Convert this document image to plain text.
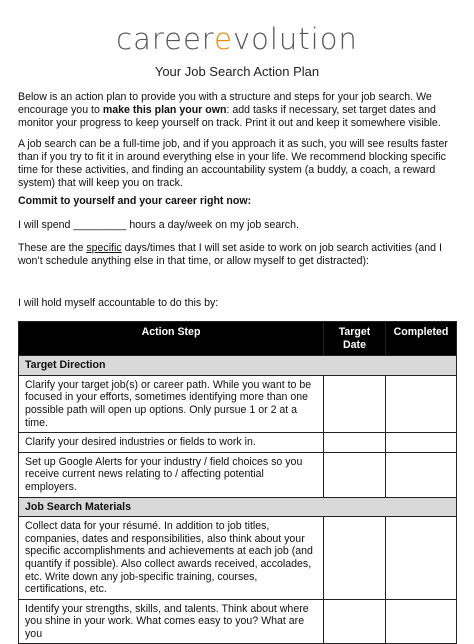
careerevolution
Your Job Search Action Plan

Below is an action plan to provide you with a structure and steps for your job search. We encourage you to make this plan your own: add tasks if necessary, set target dates and monitor your progress to keep yourself on track. Print it out and keep it somewhere visible.

A job search can be a full-time job, and if you approach it as such, you will see results faster than if you try to fit it in around everything else in your life. We recommend blocking specific time for these activities, and finding an accountability system (a buddy, a coach, a reward system) that will keep you on track.

Commit to yourself and your career right now:

I will spend _________ hours a day/week on my job search.

These are the specific days/times that I will set aside to work on job search activities (and I won’t schedule anything else in that time, or allow myself to get distracted):

I will hold myself accountable to do this by:

Action Step	Target Date	Completed
Target Direction		
Clarify your target job(s) or career path. While you want to be focused in your efforts, sometimes identifying more than one possible path will open up options. Only pursue 1 or 2 at a time.		
Clarify your desired industries or fields to work in.		
Set up Google Alerts for your industry / field choices so you receive current news relating to / affecting potential employers.		
Job Search Materials		
Collect data for your résumé. In addition to job titles, companies, dates and responsibilities, also think about your specific accomplishments and achievements at each job (and quantify if possible). Also collect awards received, accolades, etc. Write down any job-specific training, courses, certifications, etc.		
Identify your strengths, skills, and talents. Think about where you shine in your work. What comes easy to you? What are you		
